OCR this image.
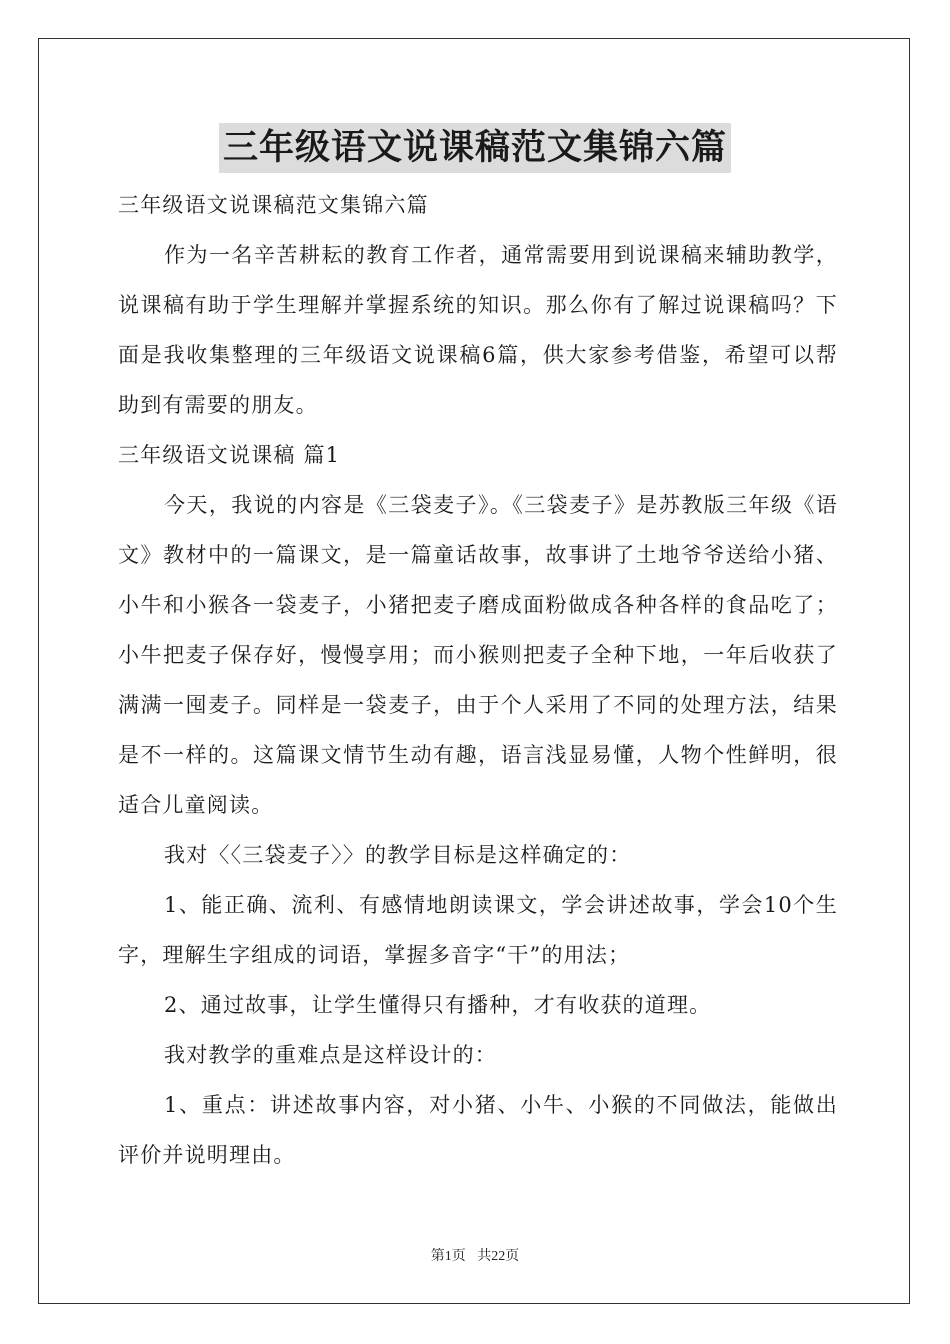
三年级语文说课稿范文集锦六篇

三年级语文说课稿范文集锦六篇

作为一名辛苦耕耘的教育工作者，通常需要用到说课稿来辅助教学，说课稿有助于学生理解并掌握系统的知识。那么你有了解过说课稿吗？下面是我收集整理的三年级语文说课稿6篇，供大家参考借鉴，希望可以帮助到有需要的朋友。

三年级语文说课稿 篇1

今天，我说的内容是《三袋麦子》。《三袋麦子》是苏教版三年级《语文》教材中的一篇课文，是一篇童话故事，故事讲了土地爷爷送给小猪、小牛和小猴各一袋麦子，小猪把麦子磨成面粉做成各种各样的食品吃了；小牛把麦子保存好，慢慢享用；而小猴则把麦子全种下地，一年后收获了满满一囤麦子。同样是一袋麦子，由于个人采用了不同的处理方法，结果是不一样的。这篇课文情节生动有趣，语言浅显易懂，人物个性鲜明，很适合儿童阅读。

我对〈〈三袋麦子〉〉的教学目标是这样确定的：

1、能正确、流利、有感情地朗读课文，学会讲述故事，学会10个生字，理解生字组成的词语，掌握多音字“干”的用法；

2、通过故事，让学生懂得只有播种，才有收获的道理。

我对教学的重难点是这样设计的：

1、重点：讲述故事内容，对小猪、小牛、小猴的不同做法，能做出评价并说明理由。

第1页 共22页
